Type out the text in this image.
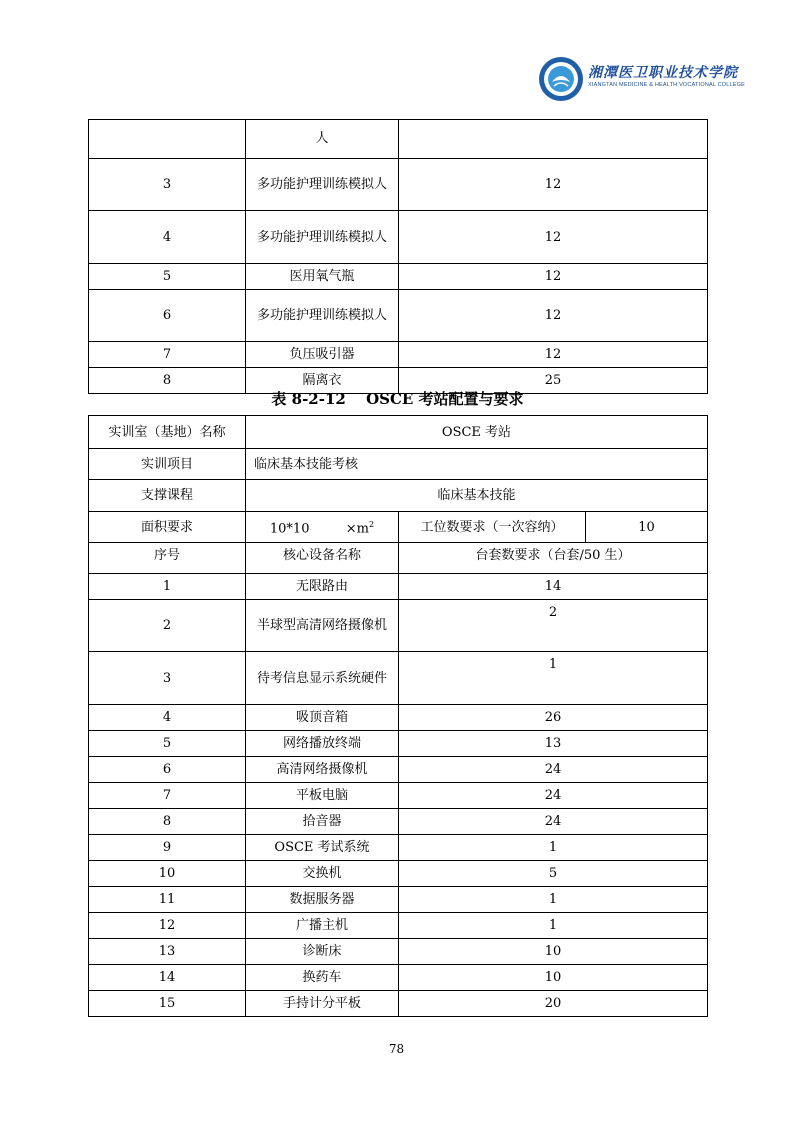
湘潭医卫职业技术学院
XIANGTAN MEDICINE & HEALTH VOCATIONAL COLLEGE
	人	
3	多功能护理训练模拟人	12
4	多功能护理训练模拟人	12
5	医用氧气瓶	12
6	多功能护理训练模拟人	12
7	负压吸引器	12
8	隔离衣	25
表 8-2-12　 OSCE 考站配置与要求
实训室（基地）名称	OSCE 考站		
实训项目	临床基本技能考核		
支撑课程	临床基本技能		
面积要求	$10*10 \times m^2$	工位数要求（一次容纳）	10
序号	核心设备名称	台套数要求（台套/50 生）	
1	无限路由	14	
2	半球型高清网络摄像机	2	
3	待考信息显示系统硬件	1	
4	吸顶音箱	26	
5	网络播放终端	13	
6	高清网络摄像机	24	
7	平板电脑	24	
8	拾音器	24	
9	OSCE 考试系统	1	
10	交换机	5	
11	数据服务器	1	
12	广播主机	1	
13	诊断床	10	
14	换药车	10	
15	手持计分平板	20	
78
